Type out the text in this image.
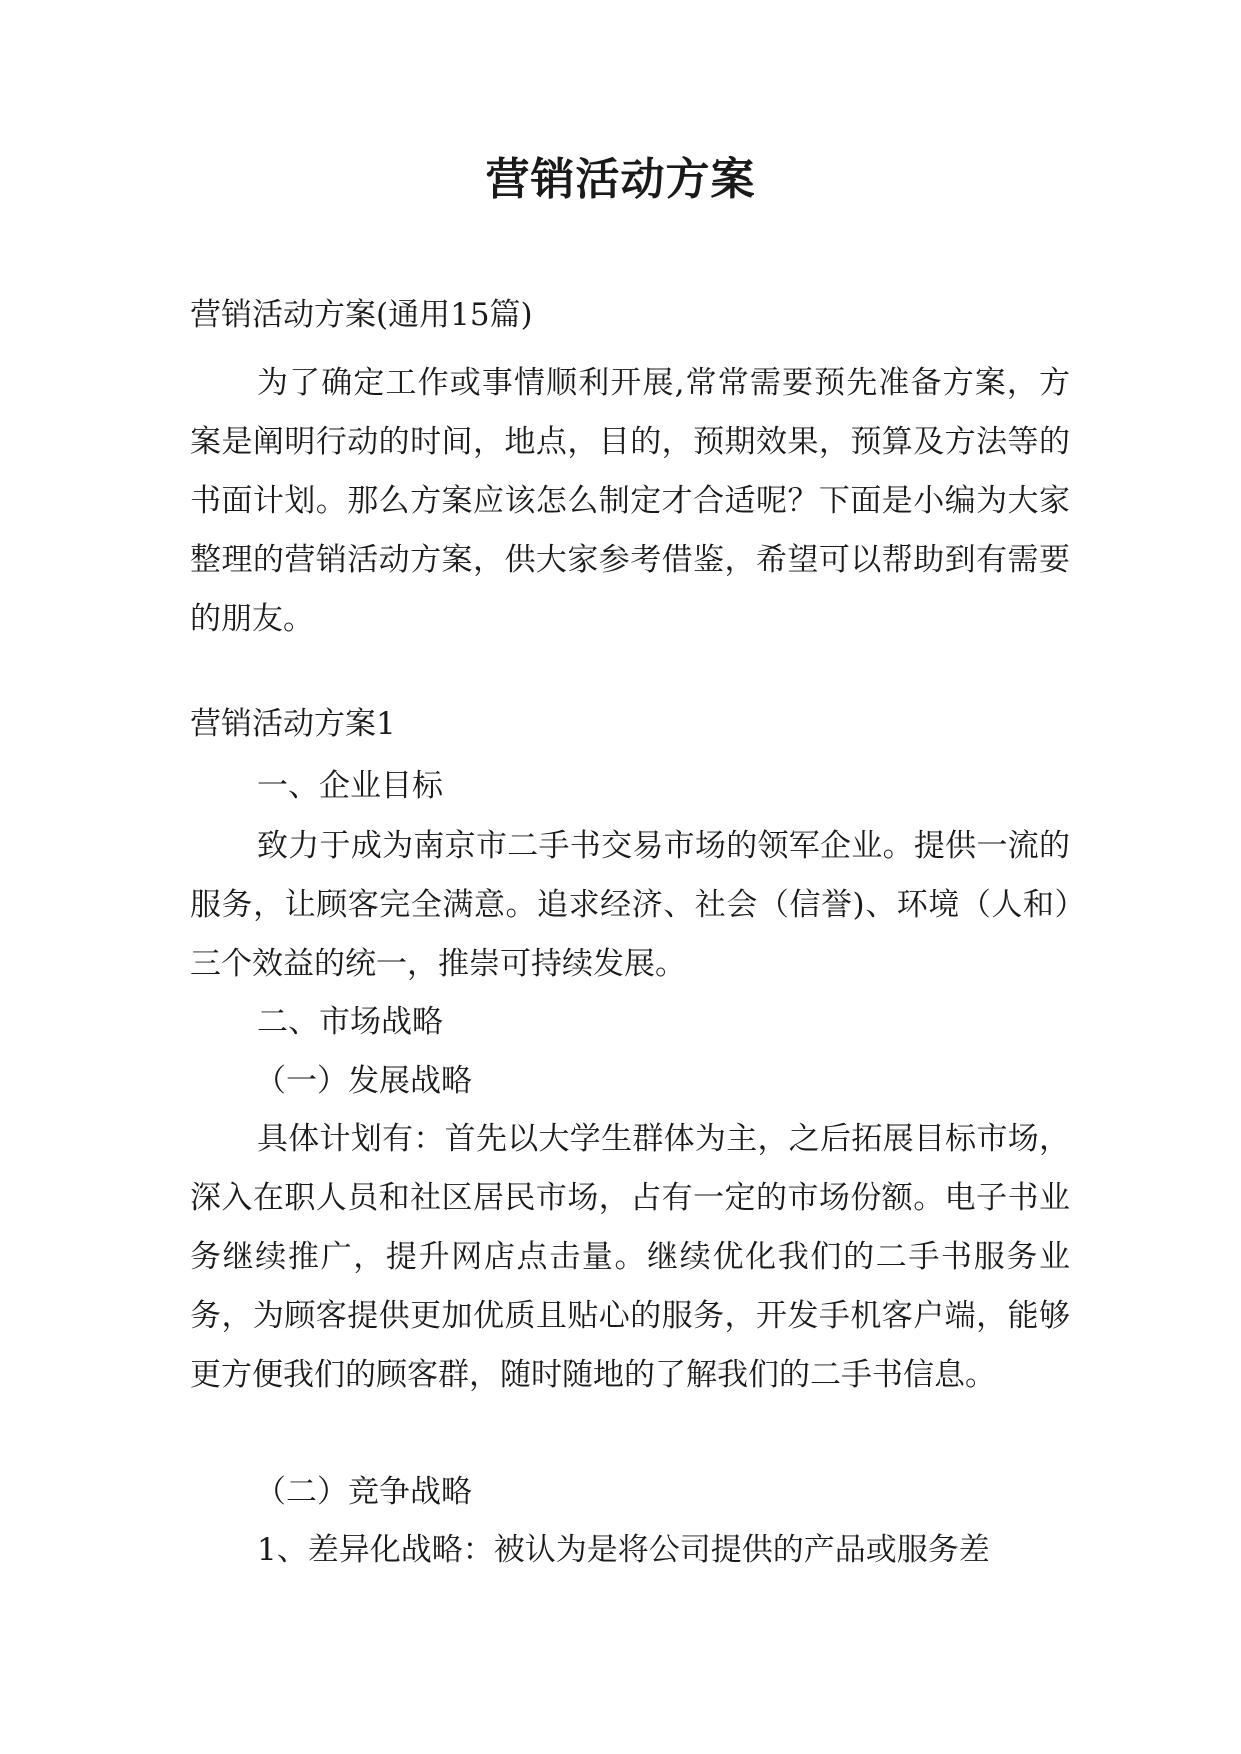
营销活动方案
营销活动方案(通用15篇)
为了确定工作或事情顺利开展,常常需要预先准备方案，方案是阐明行动的时间，地点，目的，预期效果，预算及方法等的书面计划。那么方案应该怎么制定才合适呢？下面是小编为大家整理的营销活动方案，供大家参考借鉴，希望可以帮助到有需要的朋友。
营销活动方案1
一、企业目标
致力于成为南京市二手书交易市场的领军企业。提供一流的服务，让顾客完全满意。追求经济、社会（信誉)、环境（人和）三个效益的统一，推崇可持续发展。
二、市场战略
（一）发展战略
具体计划有：首先以大学生群体为主，之后拓展目标市场，深入在职人员和社区居民市场，占有一定的市场份额。电子书业务继续推广，提升网店点击量。继续优化我们的二手书服务业务，为顾客提供更加优质且贴心的服务，开发手机客户端，能够更方便我们的顾客群，随时随地的了解我们的二手书信息。
（二）竞争战略
1、差异化战略：被认为是将公司提供的产品或服务差
